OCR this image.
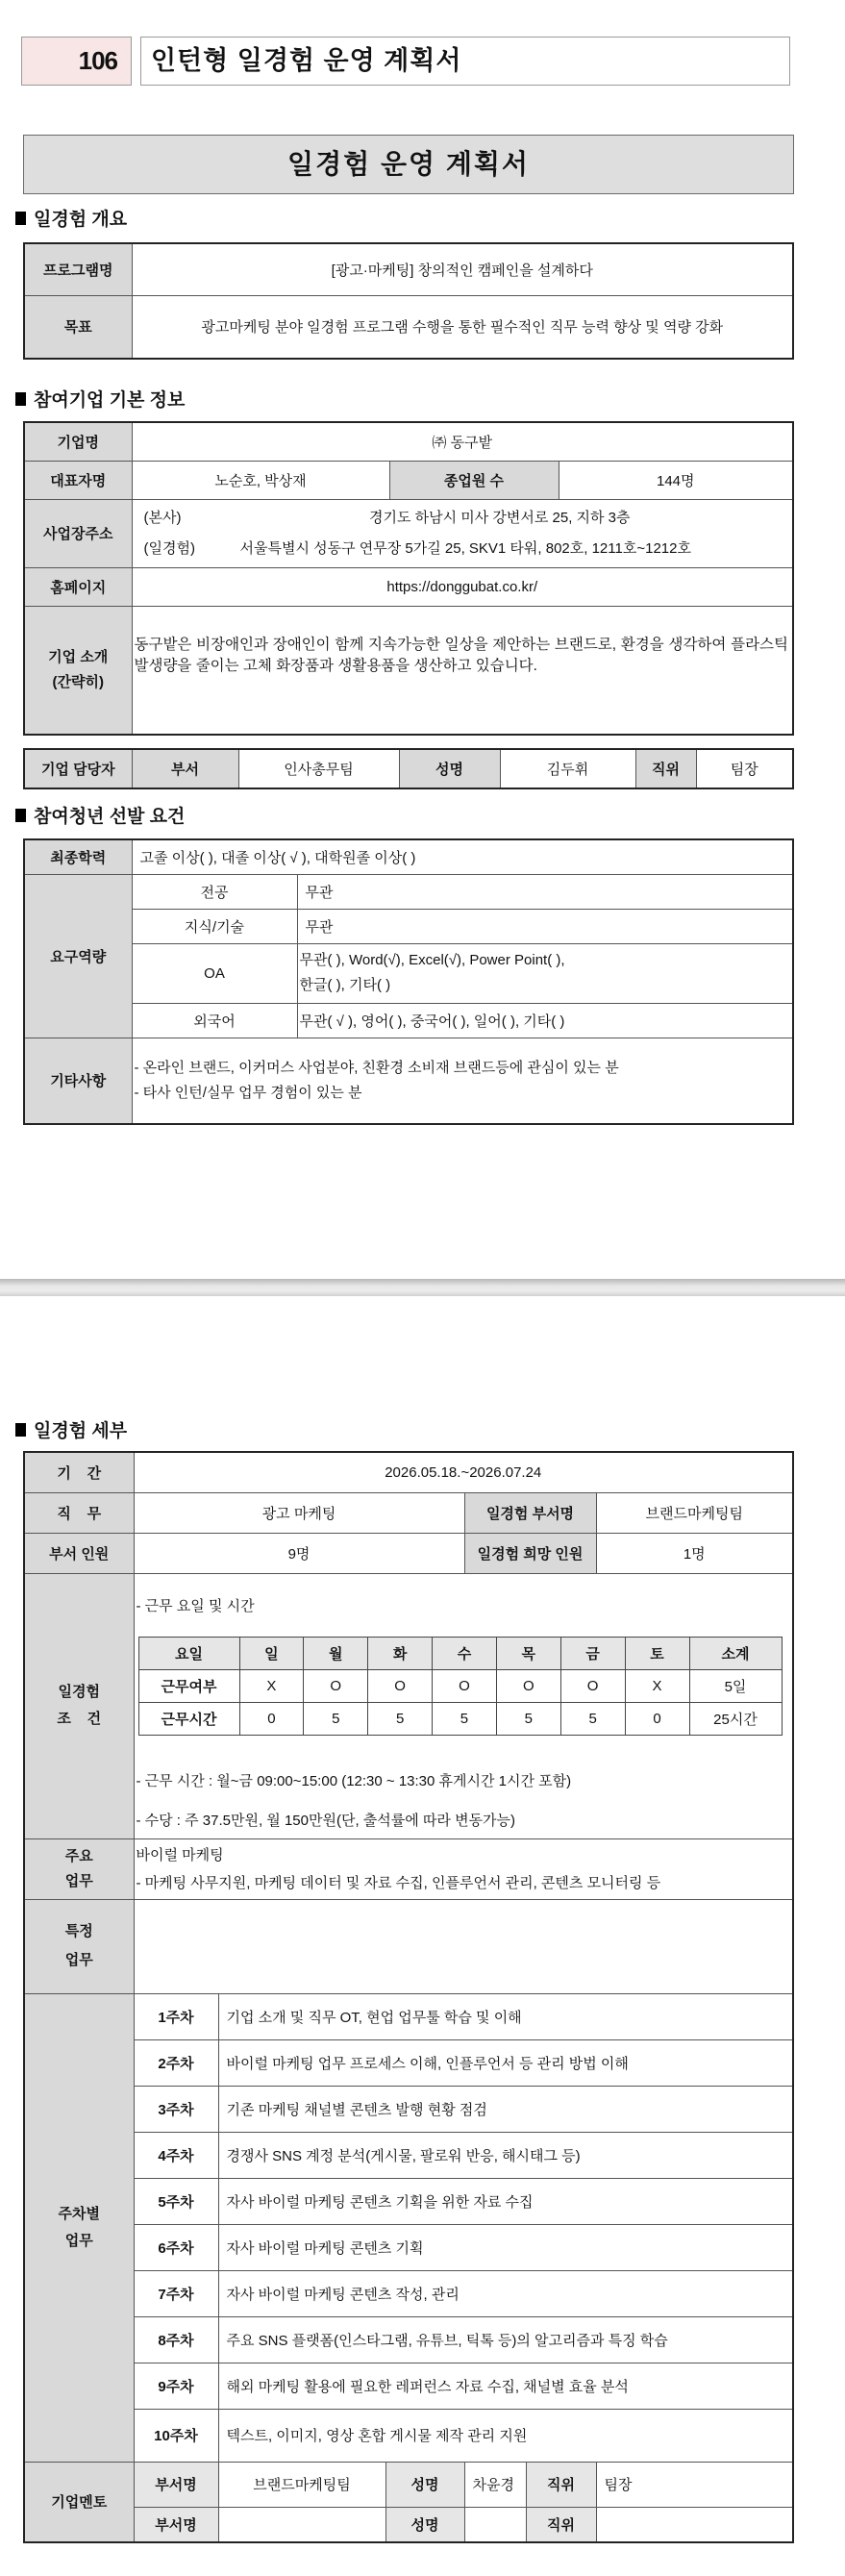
106	인턴형 일경험 운영 계획서
일경험 운영 계획서
일경험 개요
프로그램명	[광고·마케팅] 창의적인 캠페인을 설계하다
목표	광고마케팅 분야 일경험 프로그램 수행을 통한 필수적인 직무 능력 향상 및 역량 강화
참여기업 기본 정보
기업명	㈜ 동구밭		
대표자명	노순호, 박상재	종업원 수	144명
사업장주소	(본사) 경기도 하남시 미사 강변서로 25, 지하 3층
(일경험) 서울특별시 성동구 연무장 5가길 25, SKV1 타워, 802호, 1211호~1212호		

홈페이지	https://donggubat.co.kr/		

기업 소개
(간략히)	동구밭은 비장애인과 장애인이 함께 지속가능한 일상을 제안하는 브랜드로, 환경을 생각하여 플라스틱 발생량을 줄이는 고체 화장품과 생활용품을 생산하고 있습니다.		
기업 담당자	부서	인사총무팀	성명	김두휘	직위	팀장
참여청년 선발 요건
최종학력	고졸 이상( ), 대졸 이상( √ ), 대학원졸 이상( )	
요구역량	전공	무관
	지식/기술	무관
	OA	무관( ), Word(√), Excel(√), Power Point( ),
한글( ), 기타( )

	외국어	무관( √ ), 영어( ), 중국어( ), 일어( ), 기타( )
기타사항	- 온라인 브랜드, 이커머스 사업분야, 친환경 소비재 브랜드등에 관심이 있는 분
- 타사 인턴/실무 업무 경험이 있는 분	
일경험 세부
기    간	2026.05.18.~2026.07.24
직    무	광고 마케팅	일경험 부서명	브랜드마케팅팀
부서 인원	9명	일경험 희망 인원	1명

일경험
조    건

- 근무 요일 및 시간
요일	일	월	화	수	목	금	토	소계
근무여부	X	O	O	O	O	O	X	5일
근무시간	0	5	5	5	5	5	0	25시간
- 근무 시간 : 월~금 09:00~15:00 (12:30 ~ 13:30 휴게시간 1시간 포함)
- 수당 : 주 37.5만원, 월 150만원(단, 출석률에 따라 변동가능)

주요
업무

바이럴 마케팅
- 마케팅 사무지원, 마케팅 데이터 및 자료 수집, 인플루언서 관리, 콘텐츠 모니터링 등

특정
업무

주차별
업무
	1주차	기업 소개 및 직무 OT, 현업 업무툴 학습 및 이해
2주차	바이럴 마케팅 업무 프로세스 이해, 인플루언서 등 관리 방법 이해
3주차	기존 마케팅 채널별 콘텐츠 발행 현황 점검
4주차	경쟁사 SNS 계정 분석(게시물, 팔로워 반응, 해시태그 등)
5주차	자사 바이럴 마케팅 콘텐츠 기획을 위한 자료 수집
6주차	자사 바이럴 마케팅 콘텐츠 기획
7주차	자사 바이럴 마케팅 콘텐츠 작성, 관리
8주차	주요 SNS 플랫폼(인스타그램, 유튜브, 틱톡 등)의 알고리즘과 특징 학습
9주차	해외 마케팅 활용에 필요한 레퍼런스 자료 수집, 채널별 효율 분석
10주차	텍스트, 이미지, 영상 혼합 게시물 제작 관리 지원
기업멘토	부서명	브랜드마케팅팀	성명	차윤경	직위	팀장
부서명		성명		직위	
